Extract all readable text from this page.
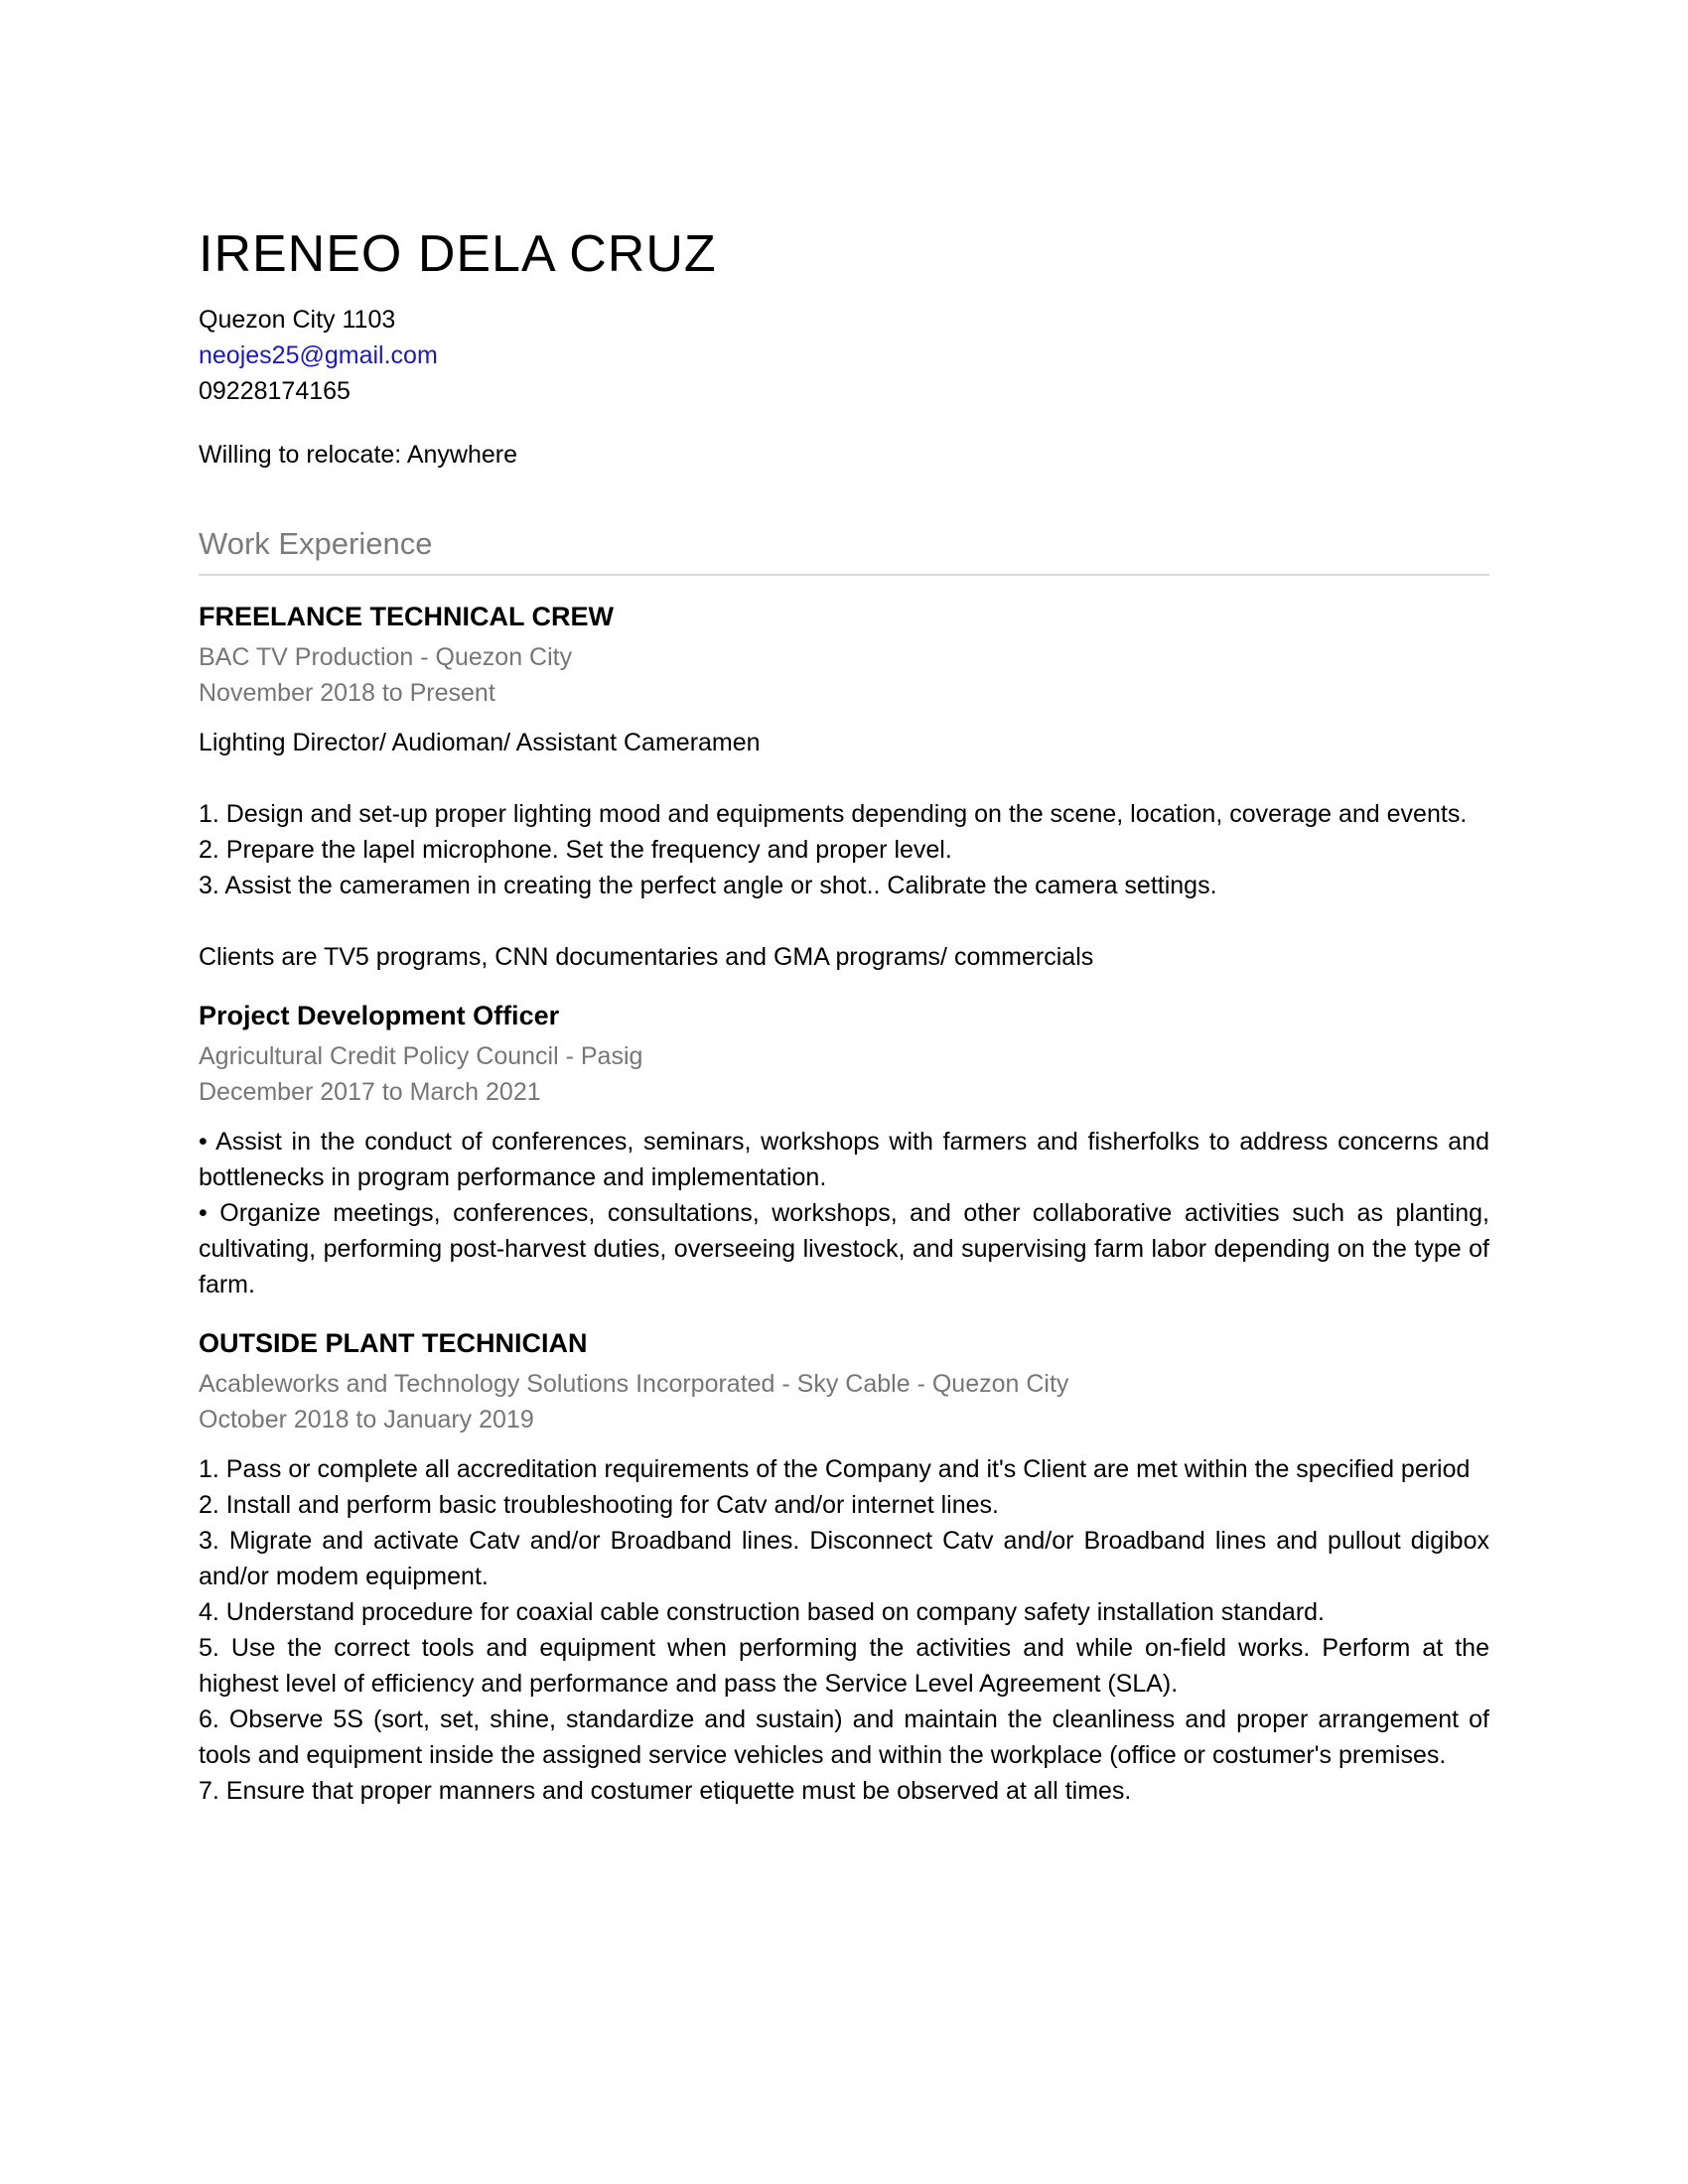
IRENEO DELA CRUZ
Quezon City 1103
neojes25@gmail.com
09228174165
Willing to relocate: Anywhere
Work Experience
FREELANCE TECHNICAL CREW
BAC TV Production - Quezon City
November 2018 to Present

Lighting Director/ Audioman/ Assistant Cameramen

1. Design and set-up proper lighting mood and equipments depending on the scene, location, coverage and events.

2. Prepare the lapel microphone. Set the frequency and proper level.

3. Assist the cameramen in creating the perfect angle or shot.. Calibrate the camera settings.

Clients are TV5 programs, CNN documentaries and GMA programs/ commercials

Project Development Officer
Agricultural Credit Policy Council - Pasig
December 2017 to March 2021

• Assist in the conduct of conferences, seminars, workshops with farmers and fisherfolks to address concerns and bottlenecks in program performance and implementation.

• Organize meetings, conferences, consultations, workshops, and other collaborative activities such as planting, cultivating, performing post-harvest duties, overseeing livestock, and supervising farm labor depending on the type of farm.

OUTSIDE PLANT TECHNICIAN
Acableworks and Technology Solutions Incorporated - Sky Cable - Quezon City
October 2018 to January 2019

1. Pass or complete all accreditation requirements of the Company and it's Client are met within the specified period

2. Install and perform basic troubleshooting for Catv and/or internet lines.

3. Migrate and activate Catv and/or Broadband lines. Disconnect Catv and/or Broadband lines and pullout digibox and/or modem equipment.

4. Understand procedure for coaxial cable construction based on company safety installation standard.

5. Use the correct tools and equipment when performing the activities and while on-field works. Perform at the highest level of efficiency and performance and pass the Service Level Agreement (SLA).

6. Observe 5S (sort, set, shine, standardize and sustain) and maintain the cleanliness and proper arrangement of tools and equipment inside the assigned service vehicles and within the workplace (office or costumer's premises.

7. Ensure that proper manners and costumer etiquette must be observed at all times.
